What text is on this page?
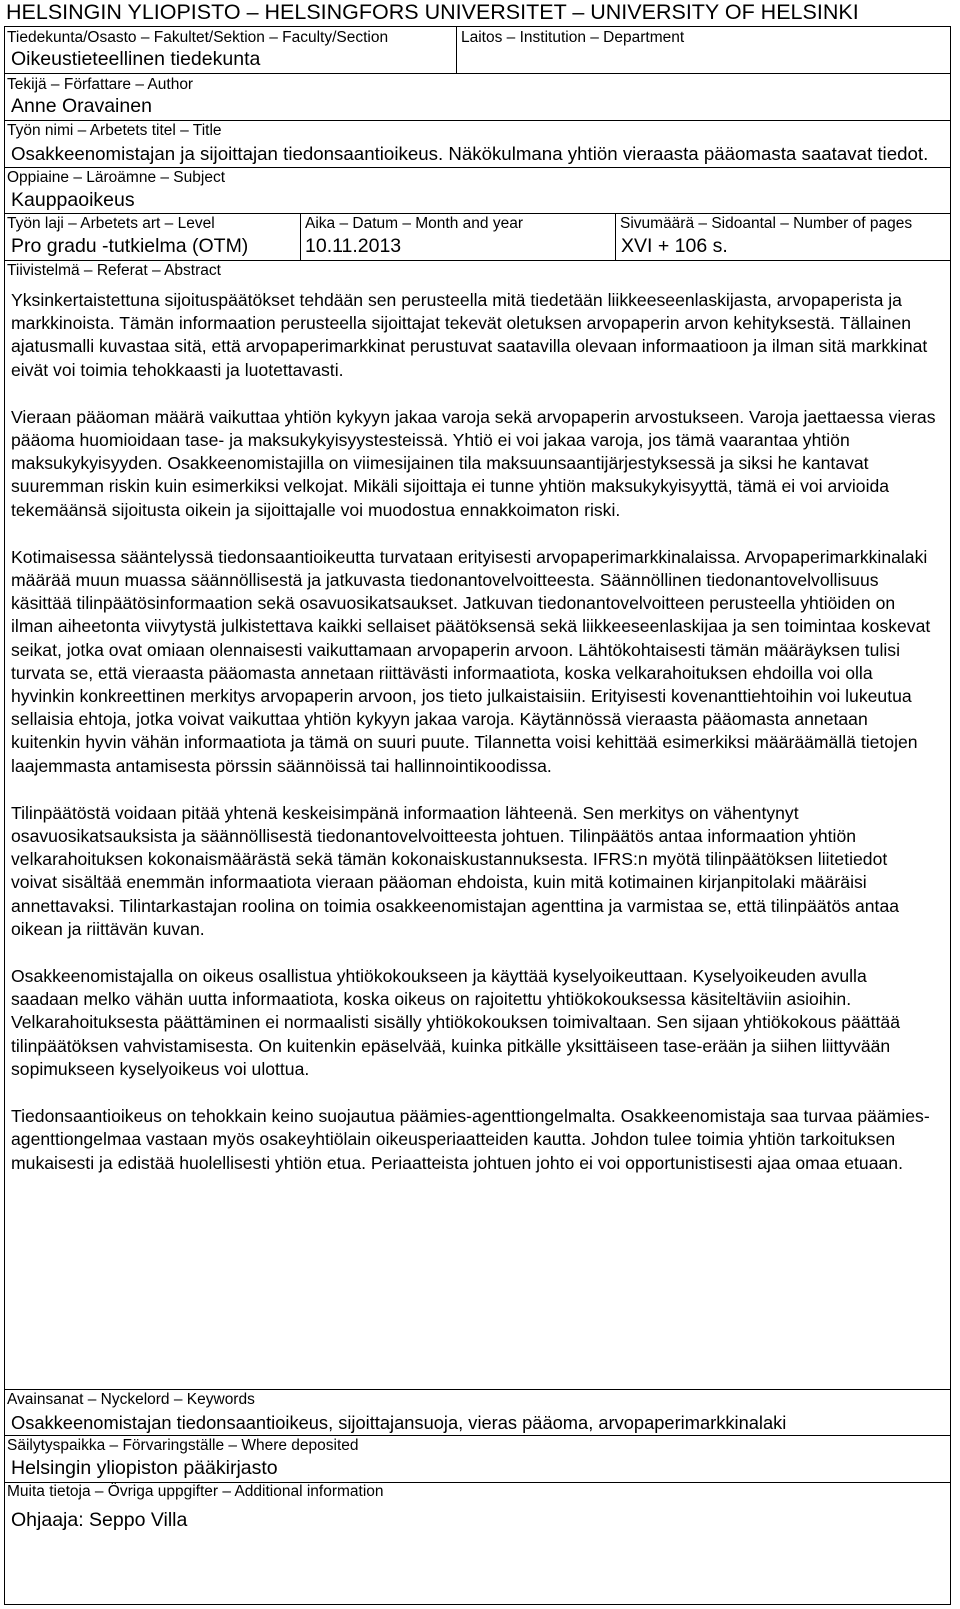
HELSINGIN YLIOPISTO – HELSINGFORS UNIVERSITET – UNIVERSITY OF HELSINKI
Tiedekunta/Osasto – Fakultet/Sektion – Faculty/Section
Oikeustieteellinen tiedekunta
Laitos – Institution – Department
Tekijä – Författare – Author
Anne Oravainen
Työn nimi – Arbetets titel – Title
Osakkeenomistajan ja sijoittajan tiedonsaantioikeus. Näkökulmana yhtiön vieraasta pääomasta saatavat tiedot.
Oppiaine – Läroämne – Subject
Kauppaoikeus
Työn laji – Arbetets art – Level
Pro gradu -tutkielma (OTM)
Aika – Datum – Month and year
10.11.2013
Sivumäärä – Sidoantal – Number of pages
XVI + 106 s.
Tiivistelmä – Referat – Abstract

Yksinkertaistettuna sijoituspäätökset tehdään sen perusteella mitä tiedetään liikkeeseenlaskijasta, arvopaperista ja markkinoista. Tämän informaation perusteella sijoittajat tekevät oletuksen arvopaperin arvon kehityksestä. Tällainen ajatusmalli kuvastaa sitä, että arvopaperimarkkinat perustuvat saatavilla olevaan informaatioon ja ilman sitä markkinat eivät voi toimia tehokkaasti ja luotettavasti.

Vieraan pääoman määrä vaikuttaa yhtiön kykyyn jakaa varoja sekä arvopaperin arvostukseen. Varoja jaettaessa vieras pääoma huomioidaan tase- ja maksukykyisyystesteissä. Yhtiö ei voi jakaa varoja, jos tämä vaarantaa yhtiön maksukykyisyyden. Osakkeenomistajilla on viimesijainen tila maksuunsaantijärjestyksessä ja siksi he kantavat suuremman riskin kuin esimerkiksi velkojat. Mikäli sijoittaja ei tunne yhtiön maksukykyisyyttä, tämä ei voi arvioida tekemäänsä sijoitusta oikein ja sijoittajalle voi muodostua ennakkoimaton riski.

Kotimaisessa sääntelyssä tiedonsaantioikeutta turvataan erityisesti arvopaperimarkkinalaissa. Arvopaperimarkkinalaki määrää muun muassa säännöllisestä ja jatkuvasta tiedonantovelvoitteesta. Säännöllinen tiedonantovelvollisuus käsittää tilinpäätösinformaation sekä osavuosikatsaukset. Jatkuvan tiedonantovelvoitteen perusteella yhtiöiden on ilman aiheetonta viivytystä julkistettava kaikki sellaiset päätöksensä sekä liikkeeseenlaskijaa ja sen toimintaa koskevat seikat, jotka ovat omiaan olennaisesti vaikuttamaan arvopaperin arvoon. Lähtökohtaisesti tämän määräyksen tulisi turvata se, että vieraasta pääomasta annetaan riittävästi informaatiota, koska velkarahoituksen ehdoilla voi olla hyvinkin konkreettinen merkitys arvopaperin arvoon, jos tieto julkaistaisiin. Erityisesti kovenanttiehtoihin voi lukeutua sellaisia ehtoja, jotka voivat vaikuttaa yhtiön kykyyn jakaa varoja. Käytännössä vieraasta pääomasta annetaan kuitenkin hyvin vähän informaatiota ja tämä on suuri puute. Tilannetta voisi kehittää esimerkiksi määräämällä tietojen laajemmasta antamisesta pörssin säännöissä tai hallinnointikoodissa.

Tilinpäätöstä voidaan pitää yhtenä keskeisimpänä informaation lähteenä. Sen merkitys on vähentynyt osavuosikatsauksista ja säännöllisestä tiedonantovelvoitteesta johtuen. Tilinpäätös antaa informaation yhtiön velkarahoituksen kokonaismäärästä sekä tämän kokonaiskustannuksesta. IFRS:n myötä tilinpäätöksen liitetiedot voivat sisältää enemmän informaatiota vieraan pääoman ehdoista, kuin mitä kotimainen kirjanpitolaki määräisi annettavaksi. Tilintarkastajan roolina on toimia osakkeenomistajan agenttina ja varmistaa se, että tilinpäätös antaa oikean ja riittävän kuvan.

Osakkeenomistajalla on oikeus osallistua yhtiökokoukseen ja käyttää kyselyoikeuttaan. Kyselyoikeuden avulla saadaan melko vähän uutta informaatiota, koska oikeus on rajoitettu yhtiökokouksessa käsiteltäviin asioihin. Velkarahoituksesta päättäminen ei normaalisti sisälly yhtiökokouksen toimivaltaan. Sen sijaan yhtiökokous päättää tilinpäätöksen vahvistamisesta. On kuitenkin epäselvää, kuinka pitkälle yksittäiseen tase-erään ja siihen liittyvään sopimukseen kyselyoikeus voi ulottua.

Tiedonsaantioikeus on tehokkain keino suojautua päämies-agenttiongelmalta. Osakkeenomistaja saa turvaa päämies-agenttiongelmaa vastaan myös osakeyhtiölain oikeusperiaatteiden kautta. Johdon tulee toimia yhtiön tarkoituksen mukaisesti ja edistää huolellisesti yhtiön etua. Periaatteista johtuen johto ei voi opportunistisesti ajaa omaa etuaan.

Avainsanat – Nyckelord – Keywords
Osakkeenomistajan tiedonsaantioikeus, sijoittajansuoja, vieras pääoma, arvopaperimarkkinalaki
Säilytyspaikka – Förvaringställe – Where deposited
Helsingin yliopiston pääkirjasto
Muita tietoja – Övriga uppgifter – Additional information
Ohjaaja: Seppo Villa
